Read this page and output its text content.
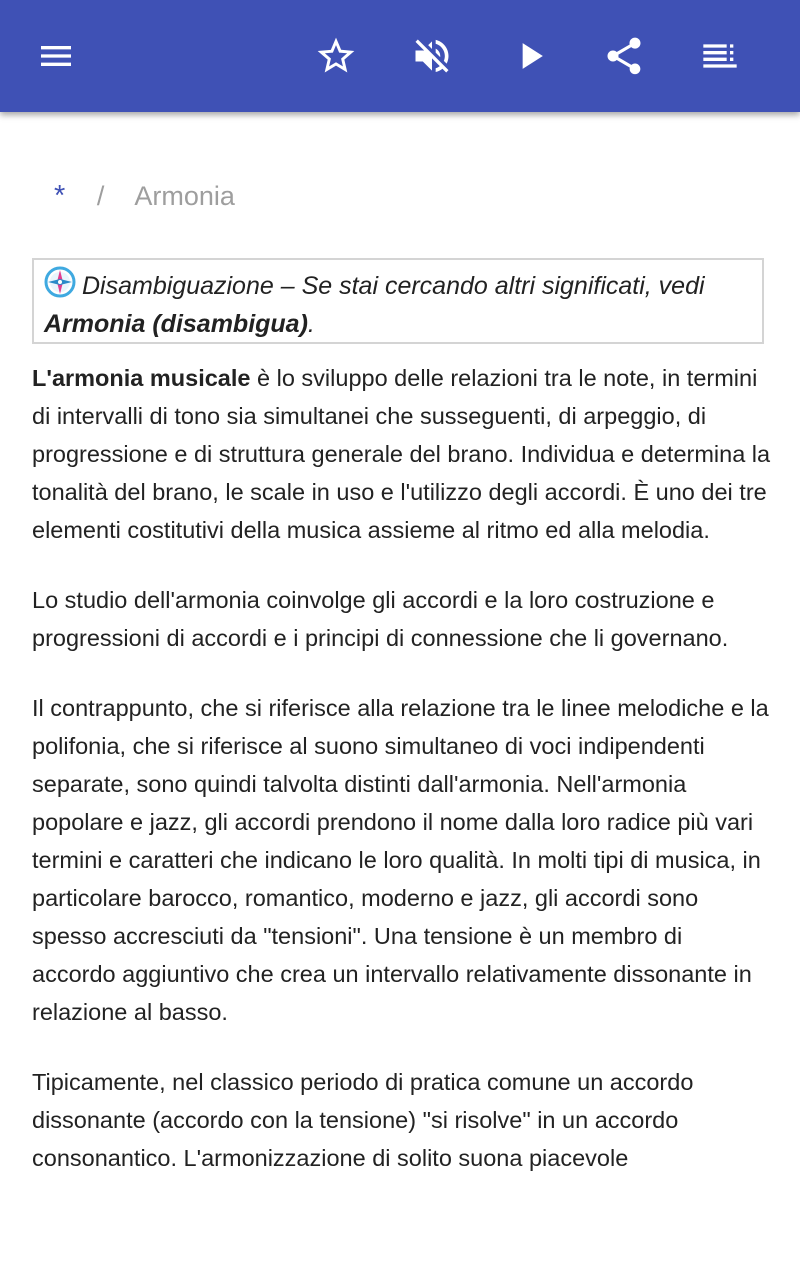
* / Armonia
Disambiguazione – Se stai cercando altri significati, vedi Armonia (disambigua).

L'armonia musicale è lo sviluppo delle relazioni tra le note, in termini di intervalli di tono sia simultanei che susseguenti, di arpeggio, di progressione e di struttura generale del brano. Individua e determina la tonalità del brano, le scale in uso e l'utilizzo degli accordi. È uno dei tre elementi costitutivi della musica assieme al ritmo ed alla melodia.

Lo studio dell'armonia coinvolge gli accordi e la loro costruzione e progressioni di accordi e i principi di connessione che li governano.

Il contrappunto, che si riferisce alla relazione tra le linee melodiche e la polifonia, che si riferisce al suono simultaneo di voci indipendenti separate, sono quindi talvolta distinti dall'armonia. Nell'armonia popolare e jazz, gli accordi prendono il nome dalla loro radice più vari termini e caratteri che indicano le loro qualità. In molti tipi di musica, in particolare barocco, romantico, moderno e jazz, gli accordi sono spesso accresciuti da "tensioni". Una tensione è un membro di accordo aggiuntivo che crea un intervallo relativamente dissonante in relazione al basso.

Tipicamente, nel classico periodo di pratica comune un accordo dissonante (accordo con la tensione) "si risolve" in un accordo consonantico. L'armonizzazione di solito suona piacevole
